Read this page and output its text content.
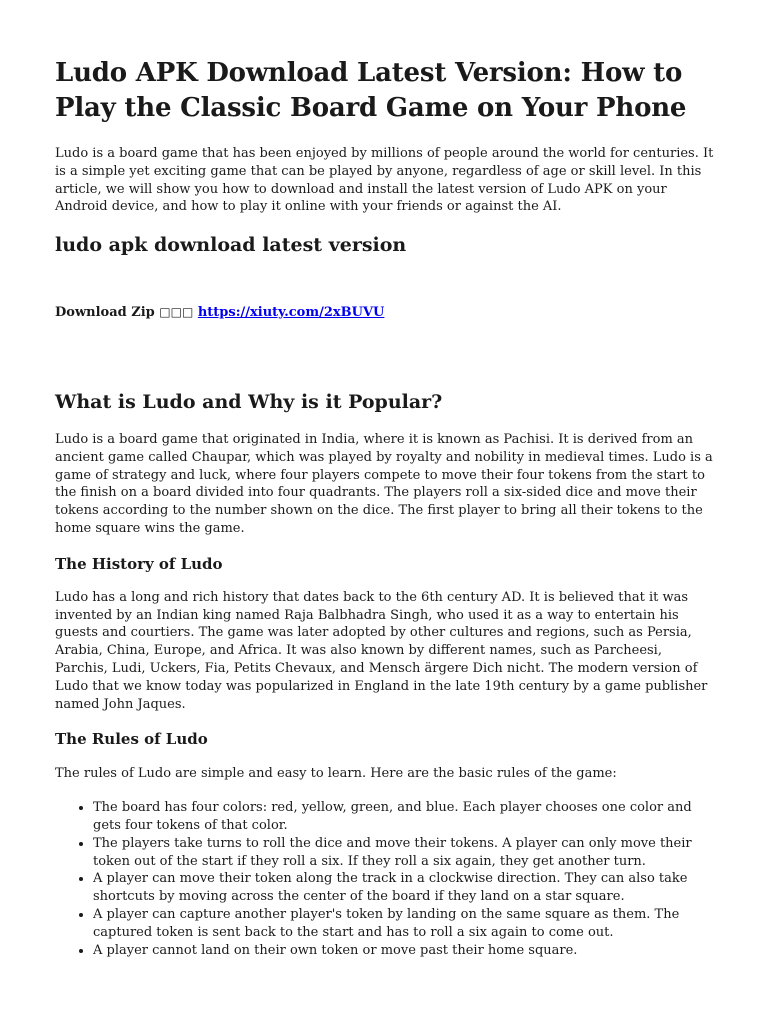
Ludo APK Download Latest Version: How to Play the Classic Board Game on Your Phone

Ludo is a board game that has been enjoyed by millions of people around the world for centuries. It is a simple yet exciting game that can be played by anyone, regardless of age or skill level. In this article, we will show you how to download and install the latest version of Ludo APK on your Android device, and how to play it online with your friends or against the AI.

ludo apk download latest version

Download Zip □□□ https://xiuty.com/2xBUVU

What is Ludo and Why is it Popular?

Ludo is a board game that originated in India, where it is known as Pachisi. It is derived from an ancient game called Chaupar, which was played by royalty and nobility in medieval times. Ludo is a game of strategy and luck, where four players compete to move their four tokens from the start to the finish on a board divided into four quadrants. The players roll a six-sided dice and move their tokens according to the number shown on the dice. The first player to bring all their tokens to the home square wins the game.

The History of Ludo

Ludo has a long and rich history that dates back to the 6th century AD. It is believed that it was invented by an Indian king named Raja Balbhadra Singh, who used it as a way to entertain his guests and courtiers. The game was later adopted by other cultures and regions, such as Persia, Arabia, China, Europe, and Africa. It was also known by different names, such as Parcheesi, Parchis, Ludi, Uckers, Fia, Petits Chevaux, and Mensch ärgere Dich nicht. The modern version of Ludo that we know today was popularized in England in the late 19th century by a game publisher named John Jaques.

The Rules of Ludo

The rules of Ludo are simple and easy to learn. Here are the basic rules of the game:

• The board has four colors: red, yellow, green, and blue. Each player chooses one color and gets four tokens of that color.
• The players take turns to roll the dice and move their tokens. A player can only move their token out of the start if they roll a six. If they roll a six again, they get another turn.
• A player can move their token along the track in a clockwise direction. They can also take shortcuts by moving across the center of the board if they land on a star square.
• A player can capture another player's token by landing on the same square as them. The captured token is sent back to the start and has to roll a six again to come out.
• A player cannot land on their own token or move past their home square.
